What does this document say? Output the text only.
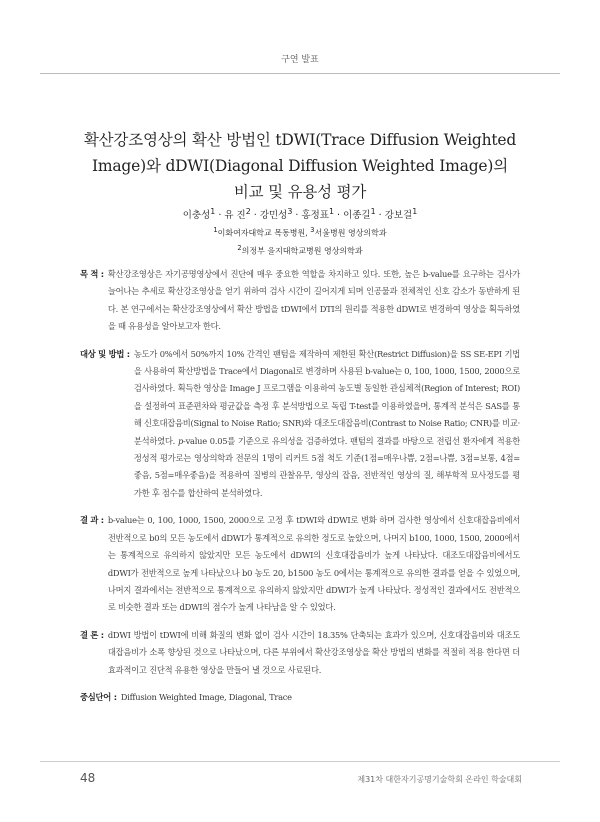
구연 발표
확산강조영상의 확산 방법인 tDWI(Trace Diffusion Weighted
Image)와 dDWI(Diagonal Diffusion Weighted Image)의
비교 및 유용성 평가
이충성$^1$ · 유 진$^2$ · 강민성$^3$ · 홍정표$^1$ · 이종길$^1$ · 강보걸$^1$
$^1$이화여자대학교 목동병원, $^3$서울병원 영상의학과
$^2$의정부 을지대학교병원 영상의학과
목 적 : 확산강조영상은 자기공명영상에서 진단에 매우 중요한 역할을 차지하고 있다. 또한, 높은 b-value를 요구하는 검사가 늘어나는 추세로 확산강조영상을 얻기 위하여 검사 시간이 길어지게 되며 인공물과 전체적인 신호 감소가 동반하게 된다. 본 연구에서는 확산강조영상에서 확산 방법을 tDWI에서 DTI의 원리를 적용한 dDWI로 변경하여 영상을 획득하였을 때 유용성을 알아보고자 한다.
대상 및 방법 : 농도가 0%에서 50%까지 10% 간격인 팬텀을 제작하여 제한된 확산(Restrict Diffusion)을 SS SE-EPI 기법을 사용하여 확산방법을 Trace에서 Diagonal로 변경하며 사용된 b-value는 0, 100, 1000, 1500, 2000으로 검사하였다. 획득한 영상을 Image J 프로그램을 이용하여 농도별 동일한 관심체적(Region of Interest; ROI)을 설정하여 표준편차와 평균값을 측정 후 분석방법으로 독립 T-test를 이용하였을며, 통계적 분석은 SAS를 통해 신호대잡음비(Signal to Noise Ratio; SNR)와 대조도대잡음비(Contrast to Noise Ratio; CNR)를 비교·분석하였다. p-value 0.05를 기준으로 유의성을 검증하였다. 팬텀의 결과를 바탕으로 전립선 환자에게 적용한 정성적 평가로는 영상의학과 전문의 1명이 리커트 5점 척도 기준(1점=매우나쁨, 2점=나쁨, 3점=보통, 4점=좋음, 5점=매우좋음)을 적용하여 질병의 관찰유무, 영상의 잡음, 전반적인 영상의 질, 해부학적 묘사정도를 평가한 후 점수를 합산하여 분석하였다.
결 과 : b-value는 0, 100, 1000, 1500, 2000으로 고정 후 tDWI와 dDWI로 변화 하며 검사한 영상에서 신호대잡음비에서 전반적으로 b0의 모든 농도에서 dDWI가 통계적으로 유의한 정도로 높았으며, 나머지 b100, 1000, 1500, 2000에서는 통계적으로 유의하지 않았지만 모든 농도에서 dDWI의 신호대잡음비가 높게 나타났다. 대조도대잡음비에서도 dDWI가 전반적으로 높게 나타났으나 b0 농도 20, b1500 농도 0에서는 통계적으로 유의한 결과를 얻을 수 있었으며, 나머지 결과에서는 전반적으로 통계적으로 유의하지 않았지만 dDWI가 높게 나타났다. 정성적인 결과에서도 전반적으로 비슷한 결과 또는 dDWI의 점수가 높게 나타남을 알 수 있었다.
결 론 : dDWI 방법이 tDWI에 비해 화질의 변화 없이 검사 시간이 18.35% 단축되는 효과가 있으며, 신호대잡음비와 대조도대잡음비가 소폭 향상된 것으로 나타났으며, 다른 부위에서 확산강조영상을 확산 방법의 변화를 적절히 적용 한다면 더 효과적이고 진단적 유용한 영상을 만들어 낼 것으로 사료된다.
중심단어 : Diffusion Weighted Image, Diagonal, Trace
48	제31차 대한자기공명기술학회 온라인 학술대회
